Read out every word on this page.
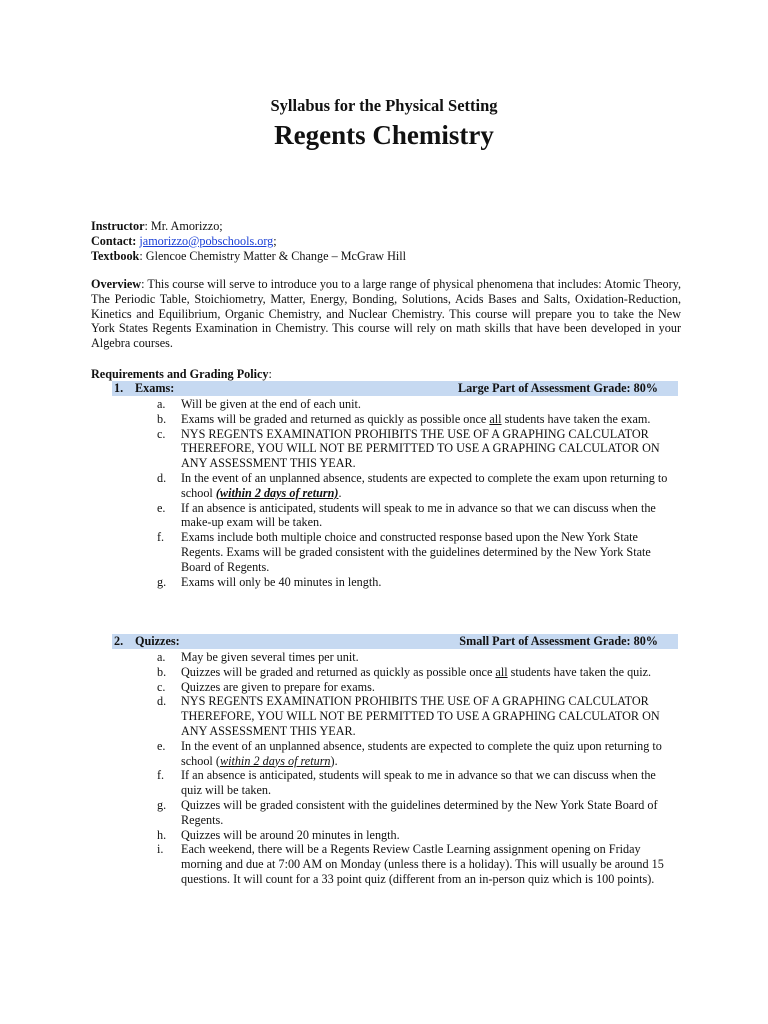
Syllabus for the Physical Setting
Regents Chemistry
Instructor: Mr. Amorizzo;
Contact: jamorizzo@pobschools.org;
Textbook: Glencoe Chemistry Matter & Change – McGraw Hill
Overview: This course will serve to introduce you to a large range of physical phenomena that includes: Atomic Theory, The Periodic Table, Stoichiometry, Matter, Energy, Bonding, Solutions, Acids Bases and Salts, Oxidation-Reduction, Kinetics and Equilibrium, Organic Chemistry, and Nuclear Chemistry. This course will prepare you to take the New York States Regents Examination in Chemistry. This course will rely on math skills that have been developed in your Algebra courses.
Requirements and Grading Policy:
1. Exams:	Large Part of Assessment Grade: 80%
a. Will be given at the end of each unit.
b. Exams will be graded and returned as quickly as possible once all students have taken the exam.
c. NYS REGENTS EXAMINATION PROHIBITS THE USE OF A GRAPHING CALCULATOR THEREFORE, YOU WILL NOT BE PERMITTED TO USE A GRAPHING CALCULATOR ON ANY ASSESSMENT THIS YEAR.
d. In the event of an unplanned absence, students are expected to complete the exam upon returning to school (within 2 days of return).
e. If an absence is anticipated, students will speak to me in advance so that we can discuss when the make-up exam will be taken.
f. Exams include both multiple choice and constructed response based upon the New York State Regents. Exams will be graded consistent with the guidelines determined by the New York State Board of Regents.
g. Exams will only be 40 minutes in length.
2. Quizzes:	Small Part of Assessment Grade: 80%
a. May be given several times per unit.
b. Quizzes will be graded and returned as quickly as possible once all students have taken the quiz.
c. Quizzes are given to prepare for exams.
d. NYS REGENTS EXAMINATION PROHIBITS THE USE OF A GRAPHING CALCULATOR THEREFORE, YOU WILL NOT BE PERMITTED TO USE A GRAPHING CALCULATOR ON ANY ASSESSMENT THIS YEAR.
e. In the event of an unplanned absence, students are expected to complete the quiz upon returning to school (within 2 days of return).
f. If an absence is anticipated, students will speak to me in advance so that we can discuss when the quiz will be taken.
g. Quizzes will be graded consistent with the guidelines determined by the New York State Board of Regents.
h. Quizzes will be around 20 minutes in length.
i. Each weekend, there will be a Regents Review Castle Learning assignment opening on Friday morning and due at 7:00 AM on Monday (unless there is a holiday). This will usually be around 15 questions. It will count for a 33 point quiz (different from an in-person quiz which is 100 points).
